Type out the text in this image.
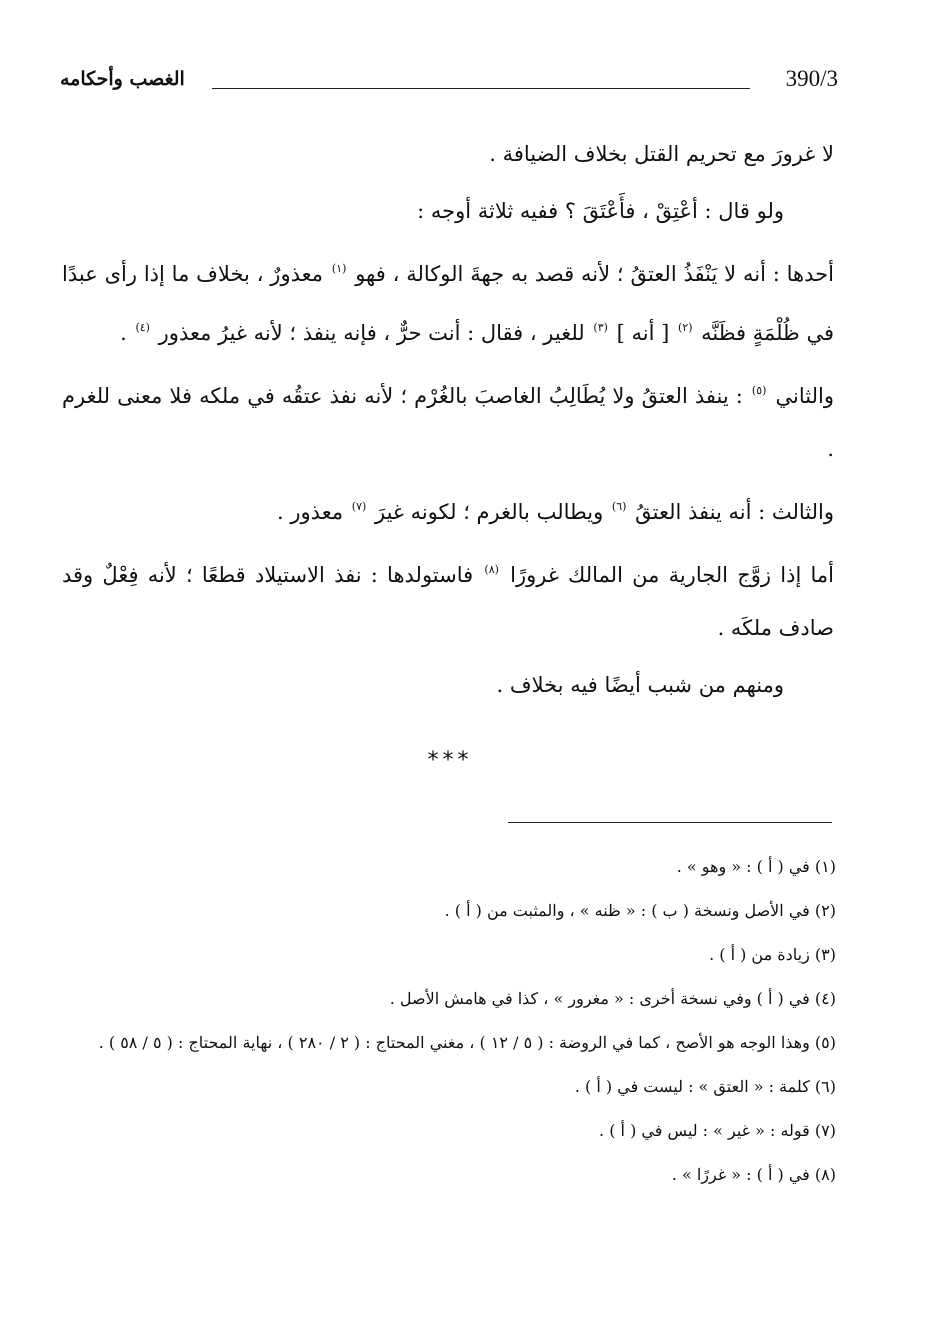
390/3
الغصب وأحكامه

لا غرورَ مع تحريم القتل بخلاف الضيافة .

ولو قال : أعْتِقْ ، فأَعْتَقَ ؟ ففيه ثلاثة أوجه :

أحدها : أنه لا يَنْفَذُ العتقُ ؛ لأنه قصد به جهةَ الوكالة ، فهو $^{(١)}$ معذورٌ ، بخلاف ما إذا رأى عبدًا في ظُلْمَةٍ فظَنَّه $^{(٢)}$ [ أنه ] $^{(٣)}$ للغير ، فقال : أنت حرٌّ ، فإنه ينفذ ؛ لأنه غيرُ معذور $^{(٤)}$ .

والثاني $^{(٥)}$ : ينفذ العتقُ ولا يُطَالِبُ الغاصبَ بالغُرْم ؛ لأنه نفذ عتقُه في ملكه فلا معنى للغرم .

والثالث : أنه ينفذ العتقُ $^{(٦)}$ ويطالب بالغرم ؛ لكونه غيرَ $^{(٧)}$ معذور .

أما إذا زوَّج الجارية من المالك غرورًا $^{(٨)}$ فاستولدها : نفذ الاستيلاد قطعًا ؛ لأنه فِعْلٌ وقد صادف ملكَه .

ومنهم من شبب أيضًا فيه بخلاف .

***

(١) في ( أ ) : « وهو » .

(٢) في الأصل ونسخة ( ب ) : « ظنه » ، والمثبت من ( أ ) .

(٣) زيادة من ( أ ) .

(٤) في ( أ ) وفي نسخة أخرى : « مغرور » ، كذا في هامش الأصل .

(٥) وهذا الوجه هو الأصح ، كما في الروضة : ( ٥ / ١٢ ) ، مغني المحتاج : ( ٢ / ٢٨٠ ) ، نهاية المحتاج : ( ٥ / ٥٨ ) .

(٦) كلمة : « العتق » : ليست في ( أ ) .

(٧) قوله : « غير » : ليس في ( أ ) .

(٨) في ( أ ) : « غررًا » .
